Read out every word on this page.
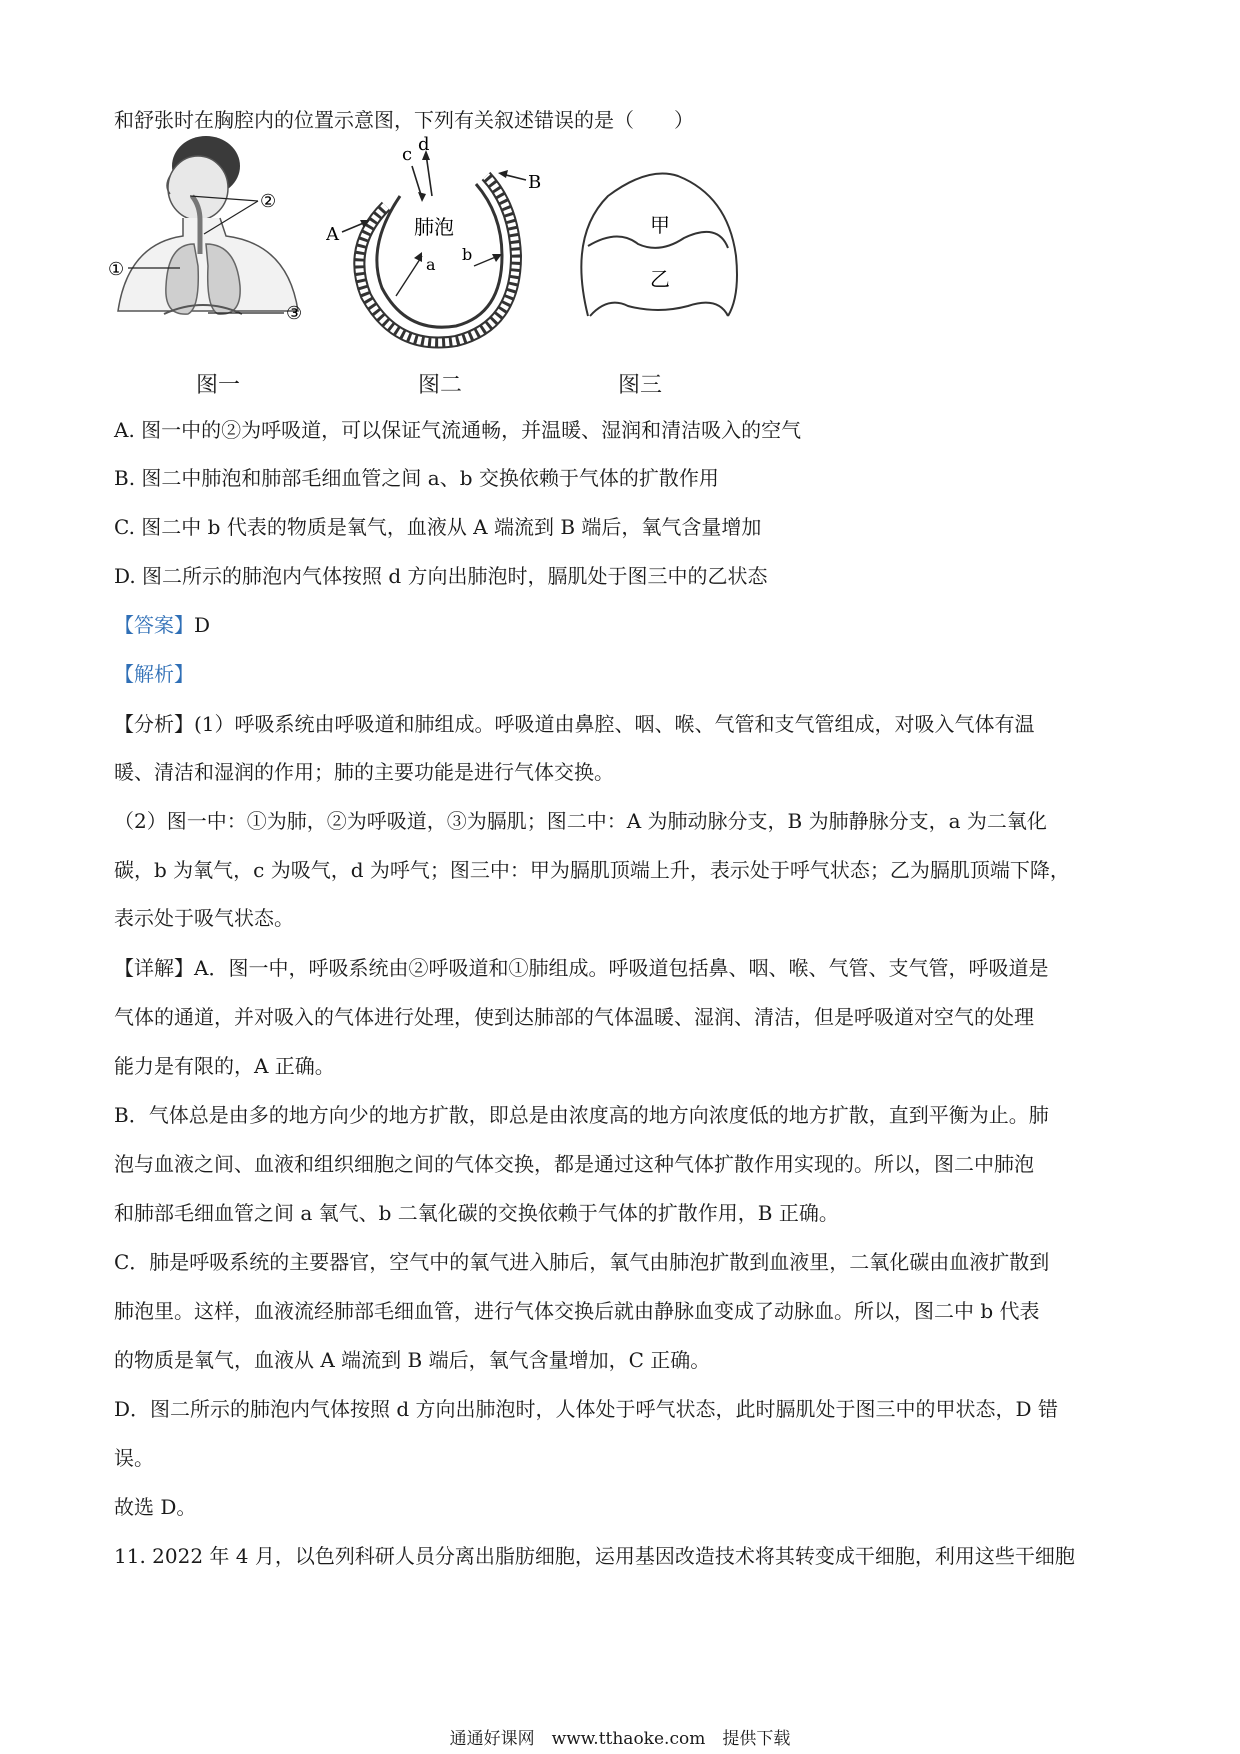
和舒张时在胸腔内的位置示意图，下列有关叙述错误的是（　　）

①
②
③
图一
c d
A
B
a
b
肺泡
图二
甲
乙
图三

A. 图一中的②为呼吸道，可以保证气流通畅，并温暖、湿润和清洁吸入的空气

B. 图二中肺泡和肺部毛细血管之间 a、b 交换依赖于气体的扩散作用

C. 图二中 b 代表的物质是氧气，血液从 A 端流到 B 端后，氧气含量增加

D. 图二所示的肺泡内气体按照 d 方向出肺泡时，膈肌处于图三中的乙状态

【答案】D

【解析】

【分析】(1）呼吸系统由呼吸道和肺组成。呼吸道由鼻腔、咽、喉、气管和支气管组成，对吸入气体有温

暖、清洁和湿润的作用；肺的主要功能是进行气体交换。

（2）图一中：①为肺，②为呼吸道，③为膈肌；图二中：A 为肺动脉分支，B 为肺静脉分支，a 为二氧化

碳，b 为氧气，c 为吸气，d 为呼气；图三中：甲为膈肌顶端上升，表示处于呼气状态；乙为膈肌顶端下降，

表示处于吸气状态。

【详解】A．图一中，呼吸系统由②呼吸道和①肺组成。呼吸道包括鼻、咽、喉、气管、支气管，呼吸道是

气体的通道，并对吸入的气体进行处理，使到达肺部的气体温暖、湿润、清洁，但是呼吸道对空气的处理

能力是有限的，A 正确。

B．气体总是由多的地方向少的地方扩散，即总是由浓度高的地方向浓度低的地方扩散，直到平衡为止。肺

泡与血液之间、血液和组织细胞之间的气体交换，都是通过这种气体扩散作用实现的。所以，图二中肺泡

和肺部毛细血管之间 a 氧气、b 二氧化碳的交换依赖于气体的扩散作用，B 正确。

C．肺是呼吸系统的主要器官，空气中的氧气进入肺后，氧气由肺泡扩散到血液里，二氧化碳由血液扩散到

肺泡里。这样，血液流经肺部毛细血管，进行气体交换后就由静脉血变成了动脉血。所以，图二中 b 代表

的物质是氧气，血液从 A 端流到 B 端后，氧气含量增加，C 正确。

D．图二所示的肺泡内气体按照 d 方向出肺泡时，人体处于呼气状态，此时膈肌处于图三中的甲状态，D 错

误。

故选 D。

11. 2022 年 4 月，以色列科研人员分离出脂肪细胞，运用基因改造技术将其转变成干细胞，利用这些干细胞

通通好课网　www.tthaoke.com　提供下载
